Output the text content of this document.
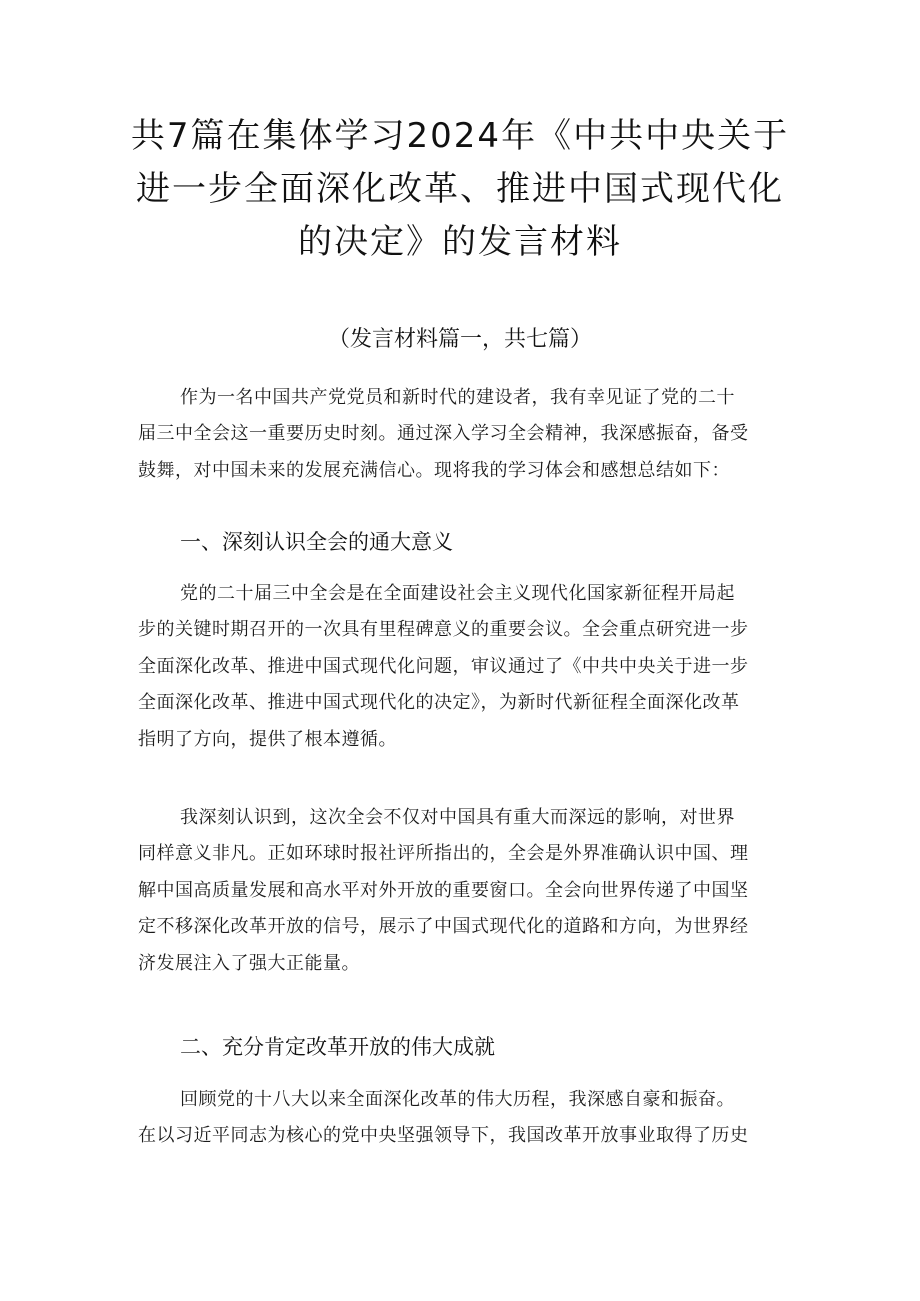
共7篇在集体学习2024年《中共中央关于
进一步全面深化改革、推进中国式现代化
的决定》的发言材料
（发言材料篇一，共七篇）
作为一名中国共产党党员和新时代的建设者，我有幸见证了党的二十
届三中全会这一重要历史时刻。通过深入学习全会精神，我深感振奋，备受
鼓舞，对中国未来的发展充满信心。现将我的学习体会和感想总结如下：
一、深刻认识全会的通大意义
党的二十届三中全会是在全面建设社会主义现代化国家新征程开局起
步的关键时期召开的一次具有里程碑意义的重要会议。全会重点研究进一步
全面深化改革、推进中国式现代化问题，审议通过了《中共中央关于进一步
全面深化改革、推进中国式现代化的决定》，为新时代新征程全面深化改革
指明了方向，提供了根本遵循。
我深刻认识到，这次全会不仅对中国具有重大而深远的影响，对世界
同样意义非凡。正如环球时报社评所指出的，全会是外界准确认识中国、理
解中国高质量发展和高水平对外开放的重要窗口。全会向世界传递了中国坚
定不移深化改革开放的信号，展示了中国式现代化的道路和方向，为世界经
济发展注入了强大正能量。
二、充分肯定改革开放的伟大成就
回顾党的十八大以来全面深化改革的伟大历程，我深感自豪和振奋。
在以习近平同志为核心的党中央坚强领导下，我国改革开放事业取得了历史
